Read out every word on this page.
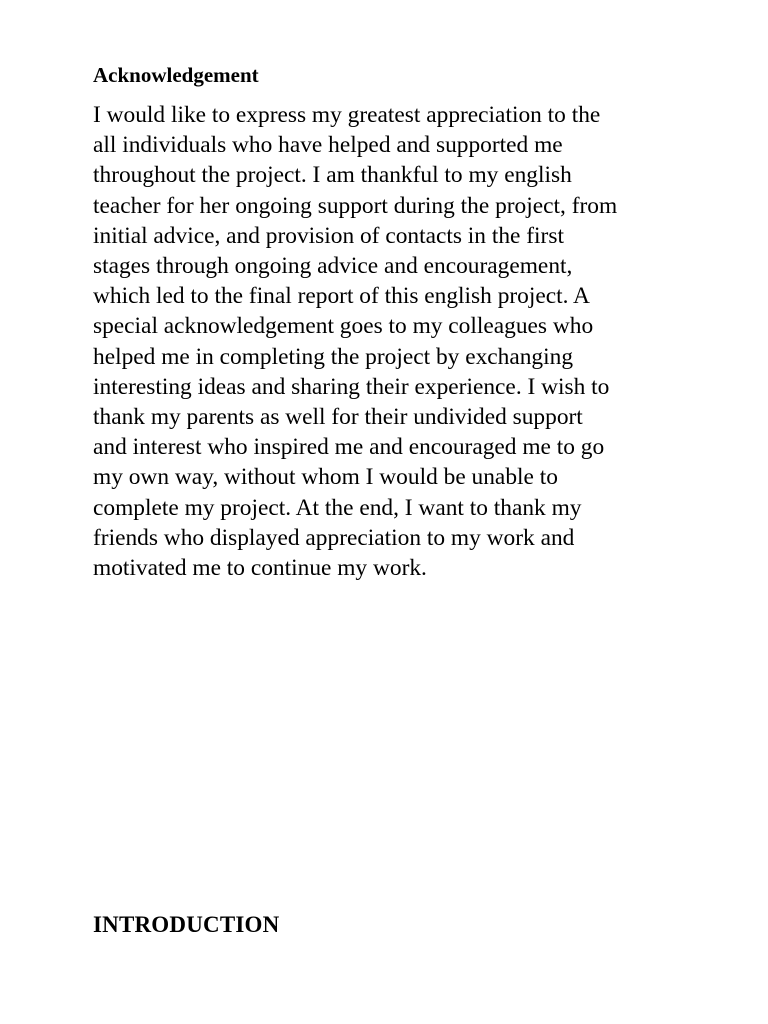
Acknowledgement

I would like to express my greatest appreciation to the
all individuals who have helped and supported me
throughout the project. I am thankful to my english
teacher for her ongoing support during the project, from
initial advice, and provision of contacts in the first
stages through ongoing advice and encouragement,
which led to the final report of this english project. A
special acknowledgement goes to my colleagues who
helped me in completing the project by exchanging
interesting ideas and sharing their experience. I wish to
thank my parents as well for their undivided support
and interest who inspired me and encouraged me to go
my own way, without whom I would be unable to
complete my project. At the end, I want to thank my
friends who displayed appreciation to my work and
motivated me to continue my work.

INTRODUCTION
